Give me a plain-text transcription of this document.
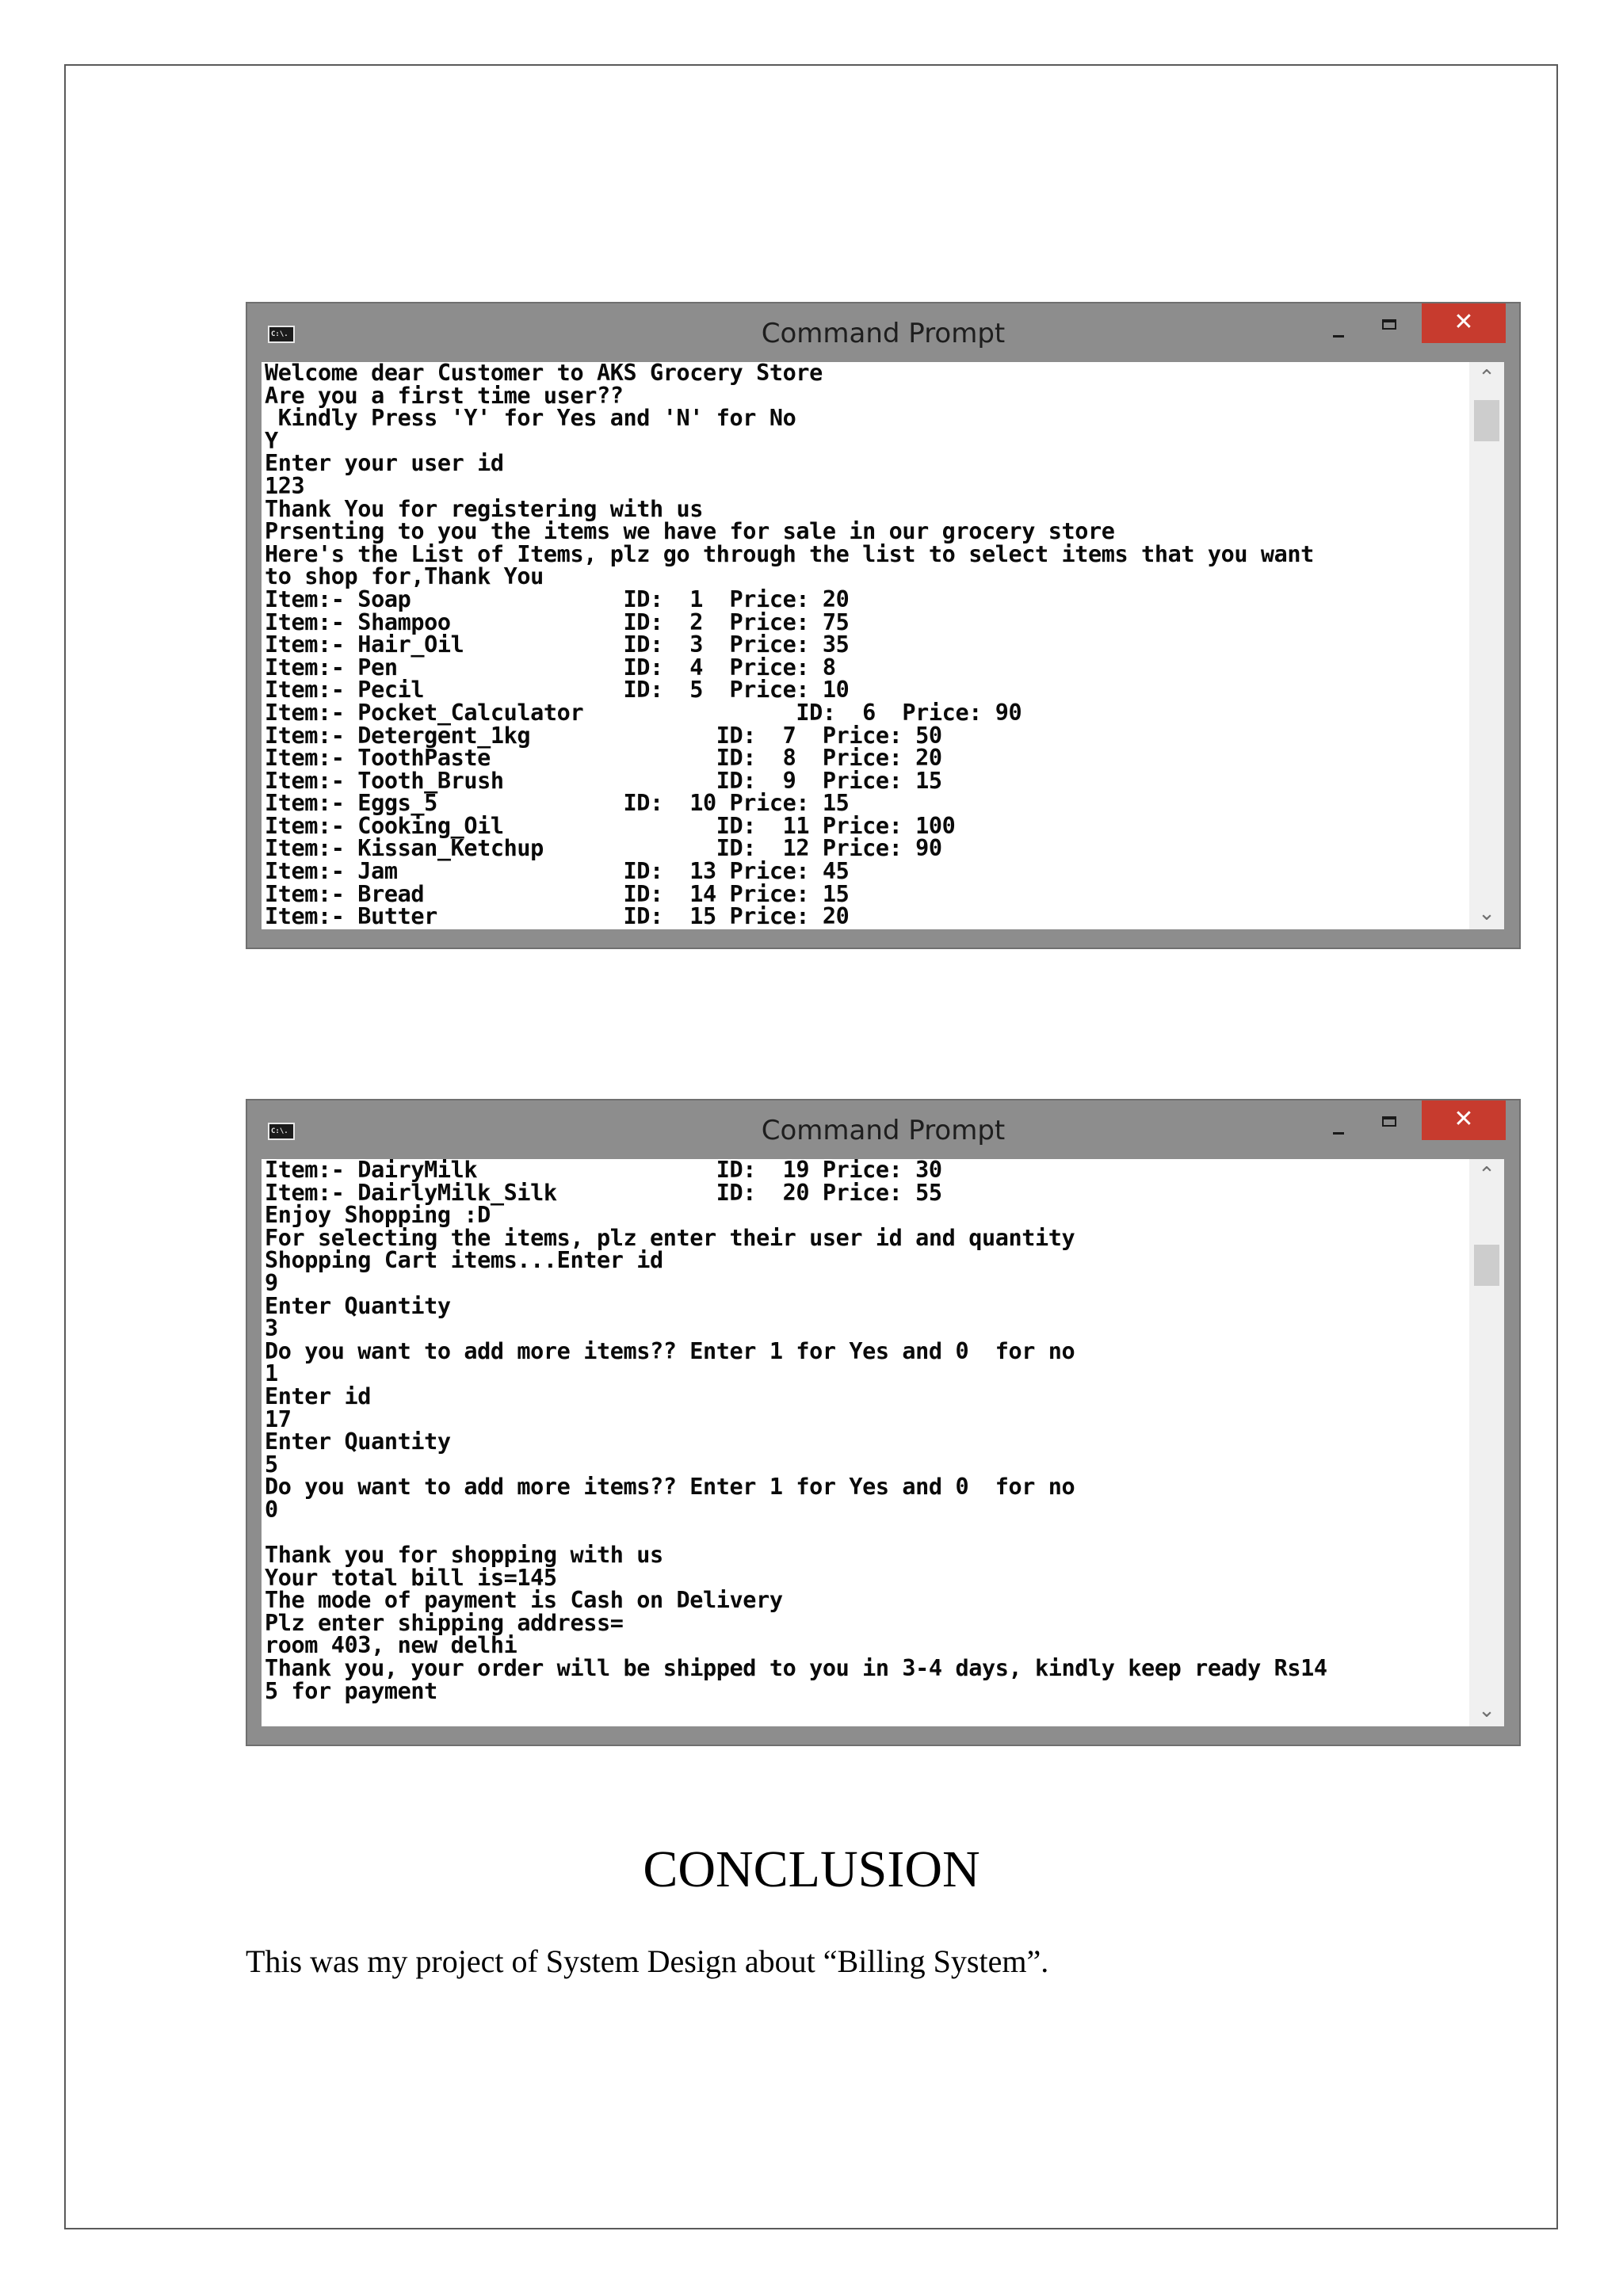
C:\.	Command Prompt	✕
Welcome dear Customer to AKS Grocery Store
Are you a first time user??
Kindly Press 'Y' for Yes and 'N' for No
Y
Enter your user id
123
Thank You for registering with us
Prsenting to you the items we have for sale in our grocery store
Here's the List of Items, plz go through the list to select items that you want
to shop for,Thank You
Item:- Soap                ID:  1  Price: 20
Item:- Shampoo             ID:  2  Price: 75
Item:- Hair_Oil            ID:  3  Price: 35
Item:- Pen                 ID:  4  Price: 8
Item:- Pecil               ID:  5  Price: 10
Item:- Pocket_Calculator                ID:  6  Price: 90
Item:- Detergent_1kg              ID:  7  Price: 50
Item:- ToothPaste                 ID:  8  Price: 20
Item:- Tooth_Brush                ID:  9  Price: 15
Item:- Eggs_5              ID:  10 Price: 15
Item:- Cooking_Oil                ID:  11 Price: 100
Item:- Kissan_Ketchup             ID:  12 Price: 90
Item:- Jam                 ID:  13 Price: 45
Item:- Bread               ID:  14 Price: 15
Item:- Butter              ID:  15 Price: 20
⌃
⌄
C:\.	Command Prompt	✕
Item:- DairyMilk                  ID:  19 Price: 30
Item:- DairlyMilk_Silk            ID:  20 Price: 55
Enjoy Shopping :D
For selecting the items, plz enter their user id and quantity
Shopping Cart items...Enter id
9
Enter Quantity
3
Do you want to add more items?? Enter 1 for Yes and 0  for no
1
Enter id
17
Enter Quantity
5
Do you want to add more items?? Enter 1 for Yes and 0  for no
0

Thank you for shopping with us
Your total bill is=145
The mode of payment is Cash on Delivery
Plz enter shipping address=
room 403, new delhi
Thank you, your order will be shipped to you in 3-4 days, kindly keep ready Rs14
5 for payment
⌃
⌄
CONCLUSION

This was my project of System Design about “Billing System”.
